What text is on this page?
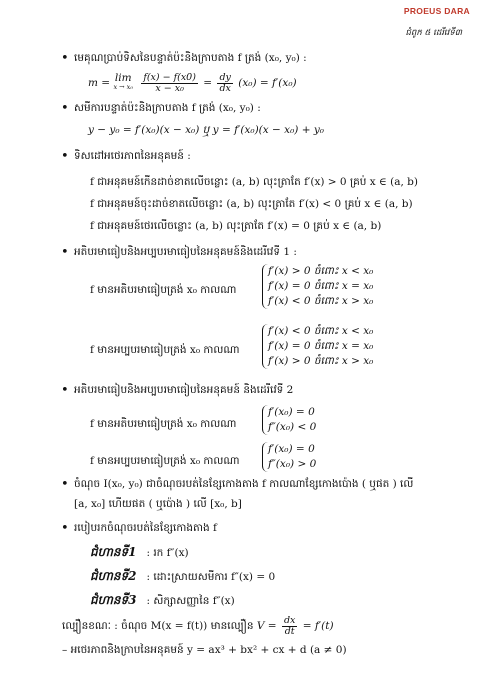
PROEUS DARA
ជំពូក ៥ ដេរីវេទី៣
• មេគុណប្រាប់ទិសនៃបន្ទាត់ប៉ះនិងក្រាបតាង f ត្រង់ (x₀, y₀) :
m = lim
x → x₀
$\frac{f(x) - f(x0)}{\text{x − x₀}} = \frac{dy}{dx} (x_0) = f'(x_0)$
• សមីការបន្ទាត់ប៉ះនិងក្រាបតាង f ត្រង់ (x₀, y₀) :
y − y₀ = f′(x₀)(x − x₀) ឬ y = f′(x₀)(x − x₀) + y₀
• ទិសដៅអថេរភាពនៃអនុគមន៍ :
f ជាអនុគមន៍កើនដាច់ខាតលើចន្លោះ (a, b) លុះត្រាតែ f′(x) > 0 គ្រប់ x ∈ (a, b)
f ជាអនុគមន៍ចុះដាច់ខាតលើចន្លោះ (a, b) លុះត្រាតែ f′(x) < 0 គ្រប់ x ∈ (a, b)
f ជាអនុគមន៍ថេរលើចន្លោះ (a, b) លុះត្រាតែ f′(x) = 0 គ្រប់ x ∈ (a, b)
• អតិបរមាធៀបនិងអប្បបរមាធៀបនៃអនុគមន៍និងដេរីវេទី 1 :
f មានអតិបរមាធៀបត្រង់ x₀ កាលណា
f′(x) > 0 ចំពោះ x < x₀
f′(x) = 0 ចំពោះ x = x₀
f′(x) < 0 ចំពោះ x > x₀
f មានអប្បបរមាធៀបត្រង់ x₀ កាលណា
f′(x) < 0 ចំពោះ x < x₀
f′(x) = 0 ចំពោះ x = x₀
f′(x) > 0 ចំពោះ x > x₀
• អតិបរមាធៀបនិងអប្បបរមាធៀបនៃអនុគមន៍ និងដេរីវេទី 2
f មានអតិបរមាធៀបត្រង់ x₀ កាលណា
f′(x₀) = 0
f″(x₀) < 0
f មានអប្បបរមាធៀបត្រង់ x₀ កាលណា
f′(x₀) = 0
f″(x₀) > 0
• ចំណុច I(x₀, y₀) ជាចំណុចរបត់នៃខ្សែកោងតាង f កាលណាខ្សែកោងប៉ោង ( ឬផត ) លើ
[a, x₀] ហើយផត ( ឬប៉ោង ) លើ [x₀, b]
• របៀបរកចំណុចរបត់នៃខ្សែកោងតាង f
ជំហានទី1 : រក f″(x)
ជំហានទី2 : ដោះស្រាយសមីការ f″(x) = 0
ជំហានទី3 : សិក្សាសញ្ញានៃ f″(x)
ល្បឿនខណៈ : ចំណុច M(x = f(t)) មានល្បឿន $V = \frac{dx}{dt} = f'(t)$
– អថេរភាពនិងក្រាបនៃអនុគមន៍ y = ax³ + bx² + cx + d (a ≠ 0)
